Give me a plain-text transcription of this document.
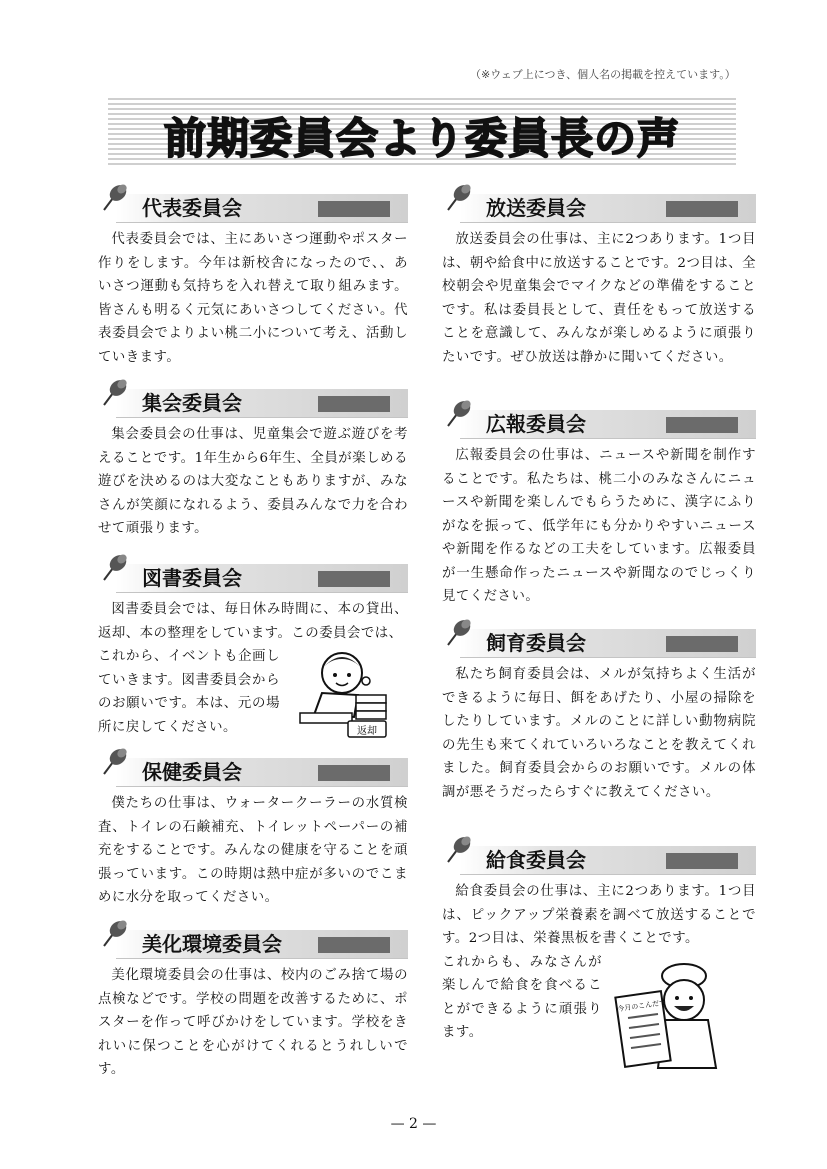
（※ウェブ上につき、個人名の掲載を控えています。）
前期委員会より委員長の声
代表委員会
代表委員会では、主にあいさつ運動やポスター作りをします。今年は新校舎になったので、、あいさつ運動も気持ちを入れ替えて取り組みます。皆さんも明るく元気にあいさつしてください。代表委員会でよりよい桃二小について考え、活動していきます。
集会委員会
集会委員会の仕事は、児童集会で遊ぶ遊びを考えることです。1年生から6年生、全員が楽しめる遊びを決めるのは大変なこともありますが、みなさんが笑顔になれるよう、委員みんなで力を合わせて頑張ります。
図書委員会
図書委員会では、毎日休み時間に、本の貸出、返却、本の整理をしています。この委員会では、
これから、イベントも企画していきます。図書委員会からのお願いです。本は、元の場所に戻してください。	返却
保健委員会
僕たちの仕事は、ウォータークーラーの水質検査、トイレの石鹸補充、トイレットペーパーの補充をすることです。みんなの健康を守ることを頑張っています。この時期は熱中症が多いのでこまめに水分を取ってください。
美化環境委員会
美化環境委員会の仕事は、校内のごみ捨て場の点検などです。学校の問題を改善するために、ポスターを作って呼びかけをしています。学校をきれいに保つことを心がけてくれるとうれしいです。
放送委員会
放送委員会の仕事は、主に2つあります。1つ目は、朝や給食中に放送することです。2つ目は、全校朝会や児童集会でマイクなどの準備をすることです。私は委員長として、責任をもって放送することを意識して、みんなが楽しめるように頑張りたいです。ぜひ放送は静かに聞いてください。
広報委員会
広報委員会の仕事は、ニュースや新聞を制作することです。私たちは、桃二小のみなさんにニュースや新聞を楽しんでもらうために、漢字にふりがなを振って、低学年にも分かりやすいニュースや新聞を作るなどの工夫をしています。広報委員が一生懸命作ったニュースや新聞なのでじっくり見てください。
飼育委員会
私たち飼育委員会は、メルが気持ちよく生活ができるように毎日、餌をあげたり、小屋の掃除をしたりしています。メルのことに詳しい動物病院の先生も来てくれていろいろなことを教えてくれました。飼育委員会からのお願いです。メルの体調が悪そうだったらすぐに教えてください。
給食委員会
給食委員会の仕事は、主に2つあります。1つ目は、ピックアップ栄養素を調べて放送することです。2つ目は、栄養黒板を書くことです。
これからも、みなさんが楽しんで給食を食べることができるように頑張ります。
今月のこんだて
— 2 —
